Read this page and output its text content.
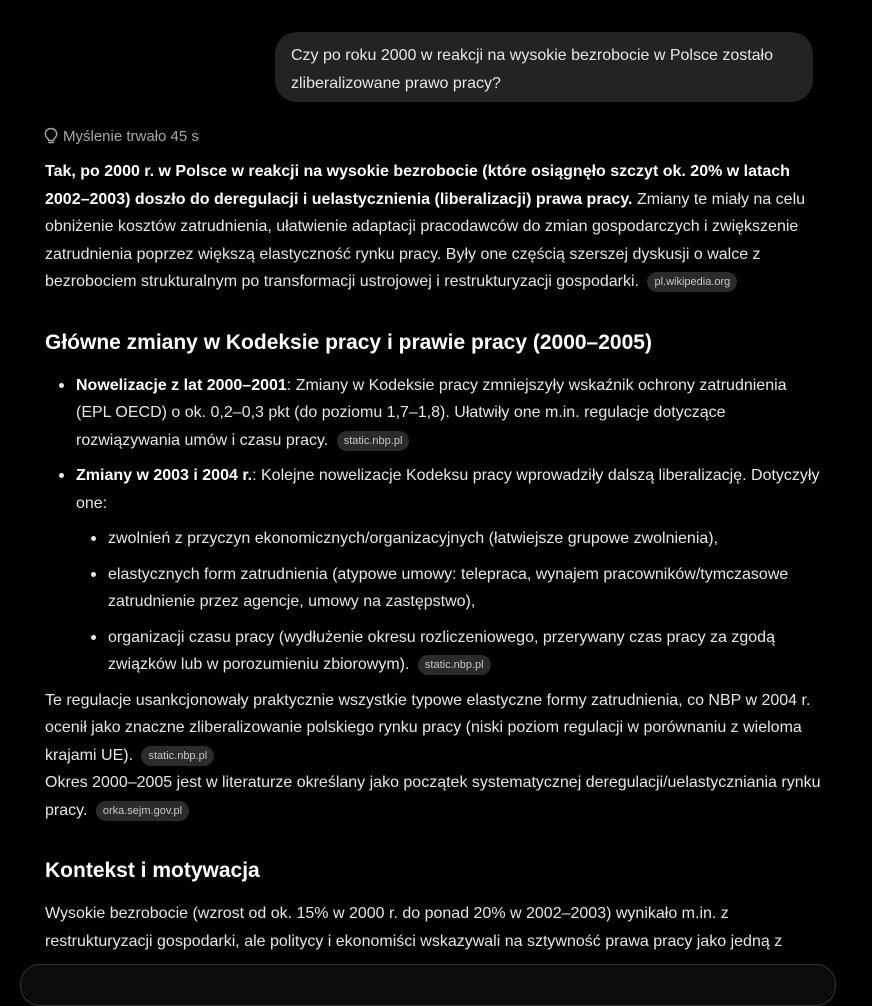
Czy po roku 2000 w reakcji na wysokie bezrobocie w Polsce zostało
zliberalizowane prawo pracy?
Myślenie trwało 45 s

Tak, po 2000 r. w Polsce w reakcji na wysokie bezrobocie (które osiągnęło szczyt ok. 20% w latach 2002–2003) doszło do deregulacji i uelastycznienia (liberalizacji) prawa pracy. Zmiany te miały na celu obniżenie kosztów zatrudnienia, ułatwienie adaptacji pracodawców do zmian gospodarczych i zwiększenie zatrudnienia poprzez większą elastyczność rynku pracy. Były one częścią szerszej dyskusji o walce z bezrobociem strukturalnym po transformacji ustrojowej i restrukturyzacji gospodarki. pl.wikipedia.org

Główne zmiany w Kodeksie pracy i prawie pracy (2000–2005)
Nowelizacje z lat 2000–2001: Zmiany w Kodeksie pracy zmniejszyły wskaźnik ochrony zatrudnienia (EPL OECD) o ok. 0,2–0,3 pkt (do poziomu 1,7–1,8). Ułatwiły one m.in. regulacje dotyczące rozwiązywania umów i czasu pracy. static.nbp.pl
Zmiany w 2003 i 2004 r.: Kolejne nowelizacje Kodeksu pracy wprowadziły dalszą liberalizację. Dotyczyły one:
zwolnień z przyczyn ekonomicznych/organizacyjnych (łatwiejsze grupowe zwolnienia),
elastycznych form zatrudnienia (atypowe umowy: telepraca, wynajem pracowników/tymczasowe zatrudnienie przez agencje, umowy na zastępstwo),
organizacji czasu pracy (wydłużenie okresu rozliczeniowego, przerywany czas pracy za zgodą związków lub w porozumieniu zbiorowym). static.nbp.pl

Te regulacje usankcjonowały praktycznie wszystkie typowe elastyczne formy zatrudnienia, co NBP w 2004 r. ocenił jako znaczne zliberalizowanie polskiego rynku pracy (niski poziom regulacji w porównaniu z wieloma krajami UE). static.nbp.pl

Okres 2000–2005 jest w literaturze określany jako początek systematycznej deregulacji/uelastyczniania rynku pracy. orka.sejm.gov.pl

Kontekst i motywacja

Wysokie bezrobocie (wzrost od ok. 15% w 2000 r. do ponad 20% w 2002–2003) wynikało m.in. z restrukturyzacji gospodarki, ale politycy i ekonomiści wskazywali na sztywność prawa pracy jako jedną z
